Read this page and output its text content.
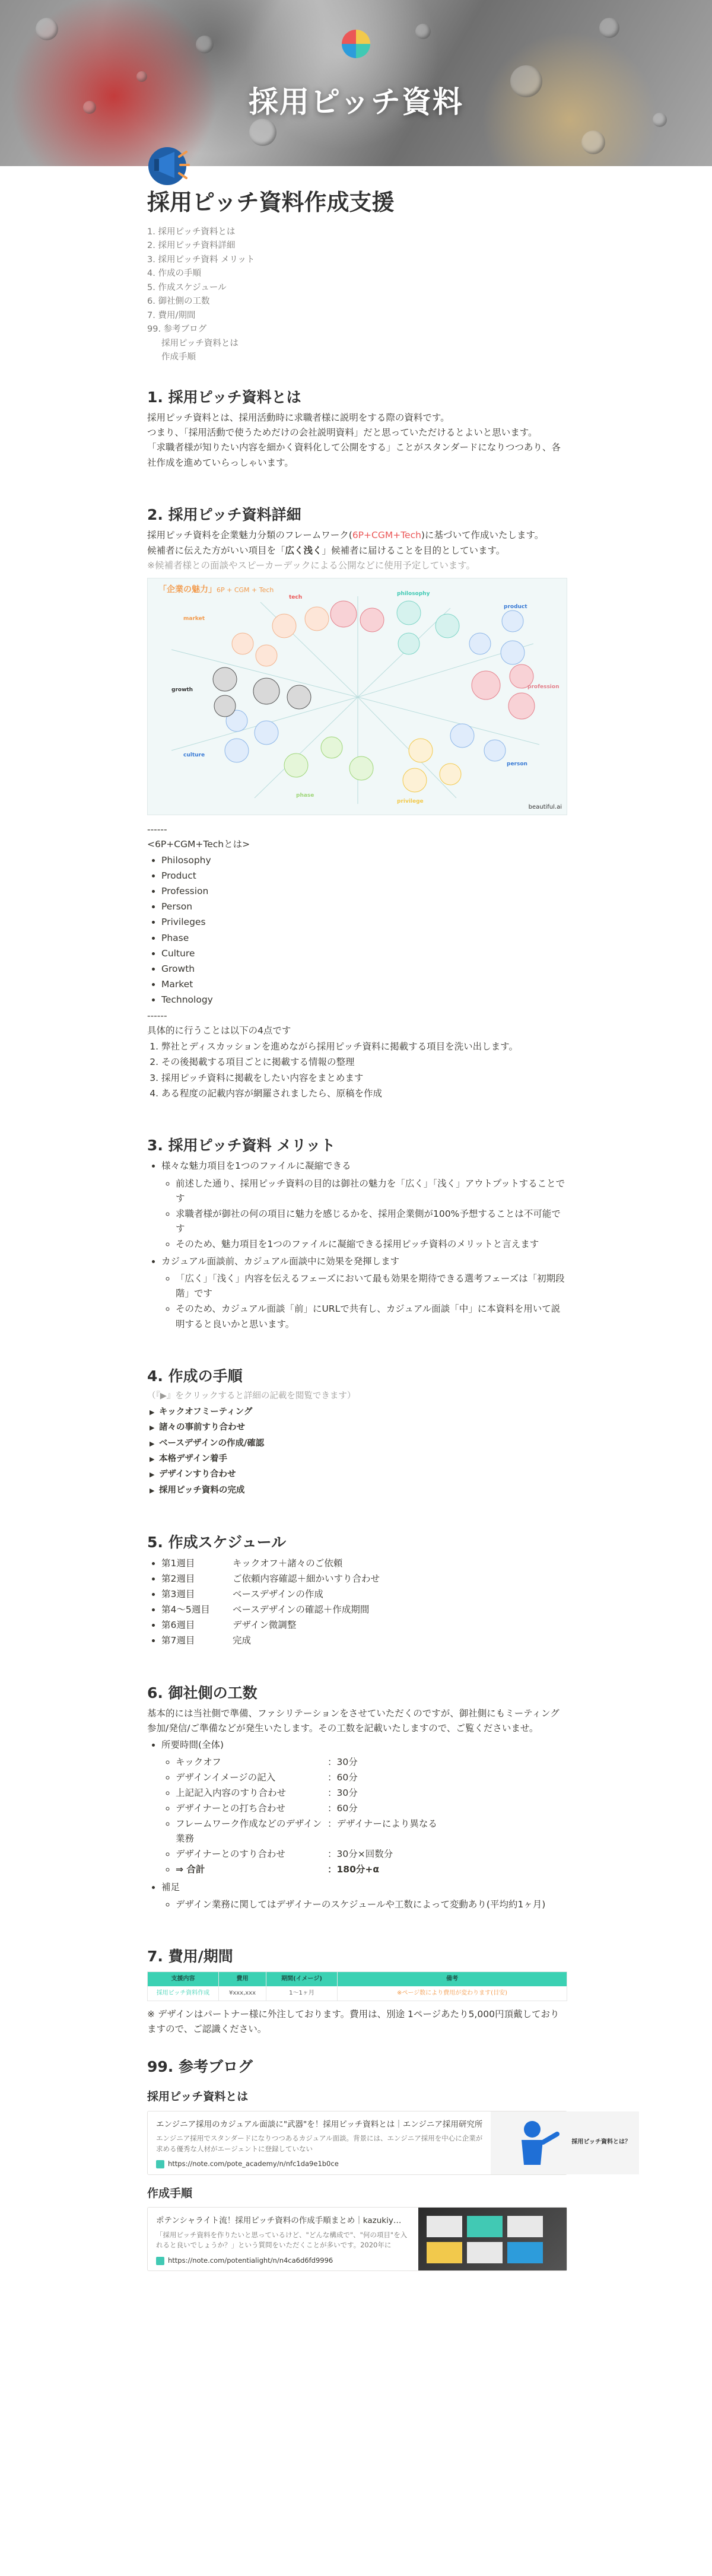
採用ピッチ資料
採用ピッチ資料作成支援
1. 採用ピッチ資料とは
2. 採用ピッチ資料詳細
3. 採用ピッチ資料 メリット
4. 作成の手順
5. 作成スケジュール
6. 御社側の工数
7. 費用/期間
99. 参考ブログ
採用ピッチ資料とは
作成手順
1. 採用ピッチ資料とは

採用ピッチ資料とは、採用活動時に求職者様に説明をする際の資料です。

つまり、「採用活動で使うためだけの会社説明資料」だと思っていただけるとよいと思います。

「求職者様が知りたい内容を細かく資料化して公開をする」ことがスタンダードになりつつあり、各社作成を進めていらっしゃいます。

2. 採用ピッチ資料詳細

採用ピッチ資料を企業魅力分類のフレームワーク(6P+CGM+Tech)に基づいて作成いたします。

候補者に伝えた方がいい項目を「広く浅く」候補者に届けることを目的としています。

※候補者様との面談やスピーカーデックによる公開などに使用予定しています。

「企業の魅力」6P + CGM + Tech
tech
philosophy
product
profession
person
privilege
phase
culture
growth
market
beautiful.ai

------

<6P+CGM+Techとは>

• Philosophy
• Product
• Profession
• Person
• Privileges
• Phase
• Culture
• Growth
• Market
• Technology

------

具体的に行うことは以下の4点です

1. 弊社とディスカッションを進めながら採用ピッチ資料に掲載する項目を洗い出します。
2. その後掲載する項目ごとに掲載する情報の整理
3. 採用ピッチ資料に掲載をしたい内容をまとめます
4. ある程度の記載内容が網羅されましたら、原稿を作成
3. 採用ピッチ資料 メリット
• 様々な魅力項目を1つのファイルに凝縮できる
◦ 前述した通り、採用ピッチ資料の目的は御社の魅力を「広く」「浅く」アウトプットすることです
◦ 求職者様が御社の何の項目に魅力を感じるかを、採用企業側が100%予想することは不可能です
◦ そのため、魅力項目を1つのファイルに凝縮できる採用ピッチ資料のメリットと言えます
• カジュアル面談前、カジュアル面談中に効果を発揮します
◦ 「広く」「浅く」内容を伝えるフェーズにおいて最も効果を期待できる選考フェーズは「初期段階」です
◦ そのため、カジュアル面談「前」にURLで共有し、カジュアル面談「中」に本資料を用いて説明すると良いかと思います。
4. 作成の手順

（『▶』をクリックすると詳細の記載を閲覧できます）

▶ キックオフミーティング
▶ 諸々の事前すり合わせ
▶ ベースデザインの作成/確認
▶ 本格デザイン着手
▶ デザインすり合わせ
▶ 採用ピッチ資料の完成
5. 作成スケジュール
• 第1週目	キックオフ＋諸々のご依頼
• 第2週目	ご依頼内容確認＋細かいすり合わせ
• 第3週目	ベースデザインの作成
• 第4〜5週目	ベースデザインの確認＋作成期間
• 第6週目	デザイン微調整
• 第7週目	完成
6. 御社側の工数

基本的には当社側で準備、ファシリテーションをさせていただくのですが、御社側にもミーティング参加/発信/ご準備などが発生いたします。その工数を記載いたしますので、ご覧くださいませ。

• 所要時間(全体)
◦ キックオフ	：30分
◦ デザインイメージの記入	：60分
◦ 上記記入内容のすり合わせ	：30分
◦ デザイナーとの打ち合わせ	：60分
◦ フレームワーク作成などのデザイン業務
：デザイナーにより異なる
◦ デザイナーとのすり合わせ	：30分×回数分
◦ ⇒ 合計	：180分+α
• 補足
◦ デザイン業務に関してはデザイナーのスケジュールや工数によって変動あり(平均約1ヶ月)
7. 費用/期間
支援内容	費用	期間(イメージ)	備考
採用ピッチ資料作成	¥xxx,xxx	1〜1ヶ月	※ページ数により費用が変わります(目安)

※ デザインはパートナー様に外注しております。費用は、別途 1ページあたり5,000円頂戴しておりますので、ご認識ください。

99. 参考ブログ
採用ピッチ資料とは
エンジニア採用のカジュアル面談に"武器"を！採用ピッチ資料とは｜エンジニア採用研究所
エンジニア採用でスタンダードになりつつあるカジュアル面談。背景には、エンジニア採用を中心に企業が求める優秀な人材がエージェントに登録していない
https://note.com/pote_academy/n/nfc1da9e1b0ce
採用ピッチ資料とは？
作成手順
ポテンシャライト流！採用ピッチ資料の作成手順まとめ｜kazukiy…
「採用ピッチ資料を作りたいと思っているけど、"どんな構成で"、"何の項目"を入れると良いでしょうか？」という質問をいただくことが多いです。2020年に
https://note.com/potentialight/n/n4ca6d6fd9996
